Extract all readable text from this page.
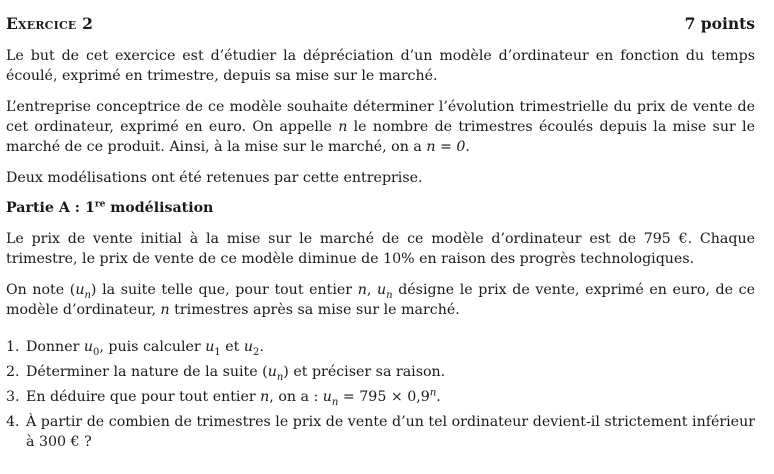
Exercice 2	7 points

Le but de cet exercice est d’étudier la dépréciation d’un modèle d’ordinateur en fonction du temps écoulé, exprimé en trimestre, depuis sa mise sur le marché.

L’entreprise conceptrice de ce modèle souhaite déterminer l’évolution trimestrielle du prix de vente de cet ordinateur, exprimé en euro. On appelle n le nombre de trimestres écoulés depuis la mise sur le marché de ce produit. Ainsi, à la mise sur le marché, on a n = 0.

Deux modélisations ont été retenues par cette entreprise.

Partie A : 1re modélisation

Le prix de vente initial à la mise sur le marché de ce modèle d’ordinateur est de 795 €. Chaque trimestre, le prix de vente de ce modèle diminue de 10% en raison des progrès technologiques.

On note $(u_n)$ la suite telle que, pour tout entier n, $u_n$ désigne le prix de vente, exprimé en euro, de ce modèle d’ordinateur, n trimestres après sa mise sur le marché.

1. Donner $u_0$, puis calculer $u_1$ et $u_2$.
2. Déterminer la nature de la suite $(u_n)$ et préciser sa raison.
3. En déduire que pour tout entier n, on a : $u_n = 795 \times 0,9^n$.
4. À partir de combien de trimestres le prix de vente d’un tel ordinateur devient-il strictement inférieur à 300 € ?
